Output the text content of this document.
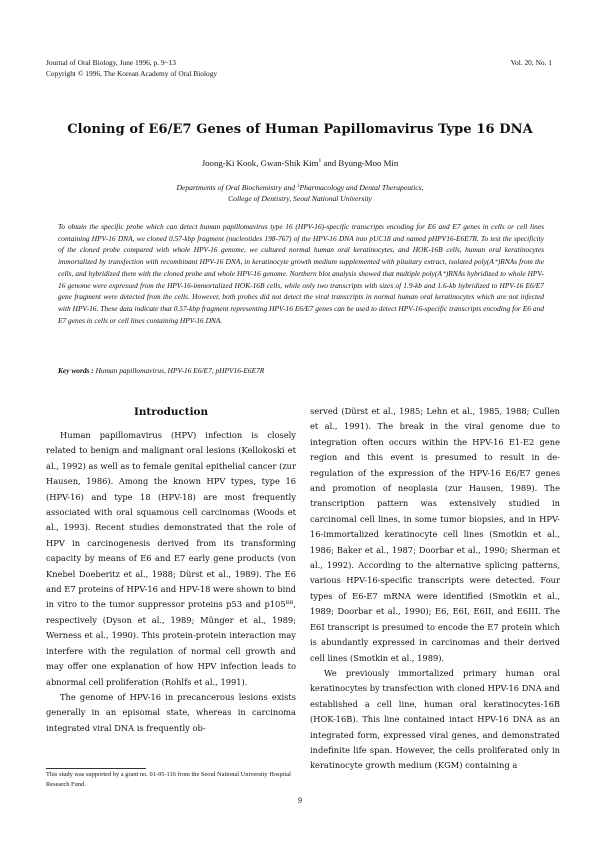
Journal of Oral Biology, June 1996, p. 9~13
Copyright © 1996, The Korean Academy of Oral Biology
Vol. 20, No. 1
Cloning of E6/E7 Genes of Human Papillomavirus Type 16 DNA
Joong-Ki Kook, Gwan-Shik Kim$^1$ and Byung-Moo Min
Departments of Oral Biochemistry and $^1$Pharmacology and Dental Therapeutics,
College of Dentistry, Seoul National University
To obtain the specific probe which can detect human papillomavirus type 16 (HPV-16)-specific transcripts encoding for E6 and E7 genes in cells or cell lines containing HPV-16 DNA, we cloned 0.57-kbp fragment (nucleotides 198-767) of the HPV-16 DNA into pUC18 and named pHPV16-E6E7R. To test the specificity of the cloned probe compared with whole HPV-16 genome, we cultured normal human oral keratinocytes, and HOK-16B cells, human oral keratinocytes immortalized by transfection with recombinant HPV-16 DNA, in keratinocyte growth medium supplemented with pituitary extract, isolated poly(A⁺)RNAs from the cells, and hybridized them with the cloned probe and whole HPV-16 genome. Northern blot analysis showed that multiple poly(A⁺)RNAs hybridized to whole HPV-16 genome were expressed from the HPV-16-immortalized HOK-16B cells, while only two transcripts with sizes of 1.9-kb and 1.6-kb hybridized to HPV-16 E6/E7 gene fragment were detected from the cells. However, both probes did not detect the viral transcripts in normal human oral keratinocytes which are not infected with HPV-16. These data indicate that 0.57-kbp fragment representing HPV-16 E6/E7 genes can be used to detect HPV-16-specific transcripts encoding for E6 and E7 genes in cells or cell lines containing HPV-16 DNA.
Key words : Human papillomavirus, HPV-16 E6/E7, pHPV16-E6E7R
Introduction

Human papillomavirus (HPV) infection is closely related to benign and malignant oral lesions (Kellokoski et al., 1992) as well as to female genital epithelial cancer (zur Hausen, 1986). Among the known HPV types, type 16 (HPV-16) and type 18 (HPV-18) are most frequently associated with oral squamous cell carcinomas (Woods et al., 1993). Recent studies demonstrated that the role of HPV in carcinogenesis derived from its transforming capacity by means of E6 and E7 early gene products (von Knebel Doeberitz et al., 1988; Dürst et al., 1989). The E6 and E7 proteins of HPV-16 and HPV-18 were shown to bind in vitro to the tumor suppressor proteins p53 and p105ᴿᴮ, respectively (Dyson et al., 1989; Münger et al., 1989; Werness et al., 1990). This protein-protein interaction may interfere with the regulation of normal cell growth and may offer one explanation of how HPV infection leads to abnormal cell proliferation (Rohlfs et al., 1991).

The genome of HPV-16 in precancerous lesions exists generally in an episomal state, whereas in carcinoma integrated viral DNA is frequently ob-

served (Dürst et al., 1985; Lehn et al., 1985, 1988; Cullen et al., 1991). The break in the viral genome due to integration often occurs within the HPV-16 E1-E2 gene region and this event is presumed to result in de-regulation of the expression of the HPV-16 E6/E7 genes and promotion of neoplasia (zur Hausen, 1989). The transcription pattern was extensively studied in carcinomal cell lines, in some tumor biopsies, and in HPV-16-immortalized keratinocyte cell lines (Smotkin et al., 1986; Baker et al., 1987; Doorbar et al., 1990; Sherman et al., 1992). According to the alternative splicing patterns, various HPV-16-specific transcripts were detected. Four types of E6-E7 mRNA were identified (Smotkin et al., 1989; Doorbar et al., 1990); E6, E6I, E6II, and E6III. The E6I transcript is presumed to encode the E7 protein which is abundantly expressed in carcinomas and their derived cell lines (Smotkin et al., 1989).

We previously immortalized primary human oral keratinocytes by transfection with cloned HPV-16 DNA and established a cell line, human oral keratinocytes-16B (HOK-16B). This line contained intact HPV-16 DNA as an integrated form, expressed viral genes, and demonstrated indefinite life span. However, the cells proliferated only in keratinocyte growth medium (KGM) containing a

This study was supported by a grant no. 01-95-116 from the Seoul National University Hospital Research Fund.
9
